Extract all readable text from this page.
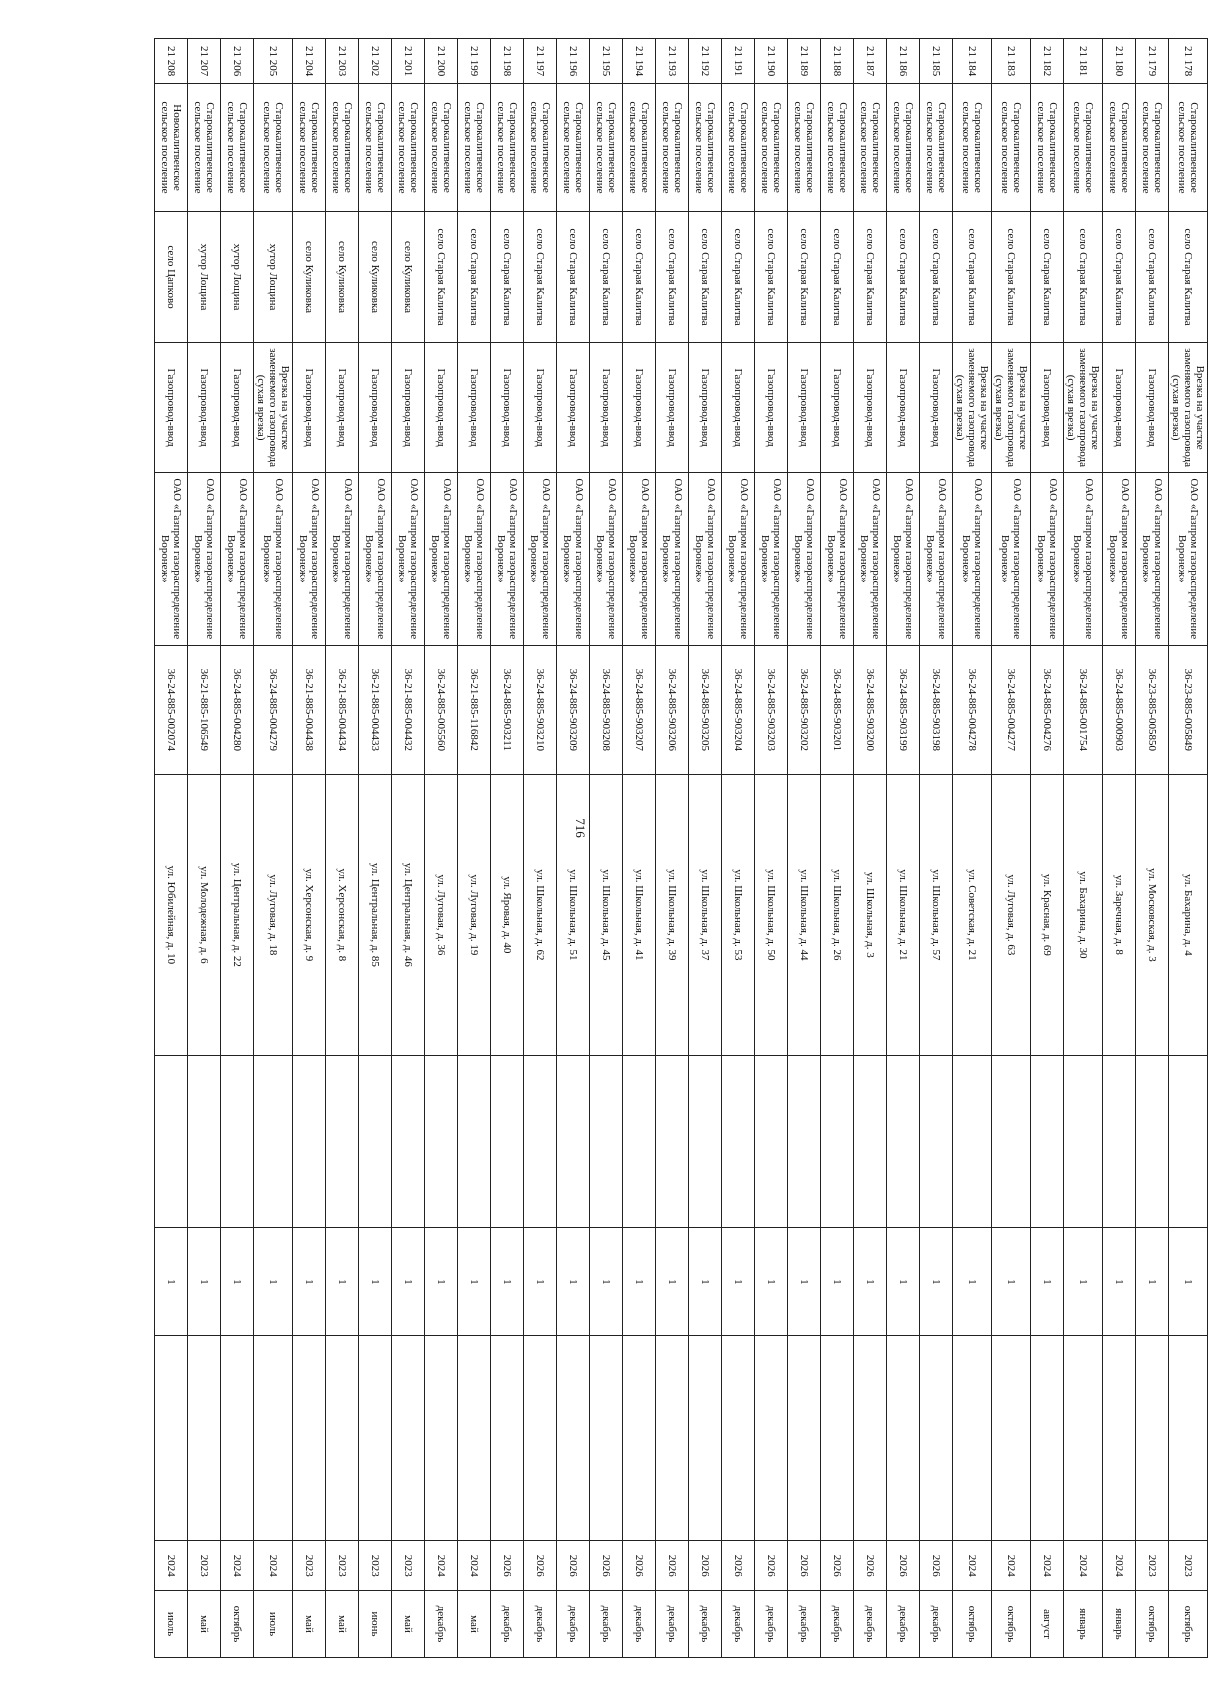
716
21 178	Старокалитвенское сельское поселение	село Старая Калитва	Врезка на участке заменяемого газопровода (сухая врезка)	ОАО «Газпром газораспределение Воронеж»	36-23-885-005849	ул. Бахарина, д. 4		1		2023	октябрь
21 179	Старокалитвенское сельское поселение	село Старая Калитва	Газопровод-ввод	ОАО «Газпром газораспределение Воронеж»	36-23-885-005850	ул. Московская, д. 3		1		2023	октябрь
21 180	Старокалитвенское сельское поселение	село Старая Калитва	Газопровод-ввод	ОАО «Газпром газораспределение Воронеж»	36-24-885-000903	ул. Заречная, д. 8		1		2024	январь
21 181	Старокалитвенское сельское поселение	село Старая Калитва	Врезка на участке заменяемого газопровода (сухая врезка)	ОАО «Газпром газораспределение Воронеж»	36-24-885-001754	ул. Бахарина, д. 30		1		2024	январь
21 182	Старокалитвенское сельское поселение	село Старая Калитва	Газопровод-ввод	ОАО «Газпром газораспределение Воронеж»	36-24-885-004276	ул. Красная, д. 69		1		2024	август
21 183	Старокалитвенское сельское поселение	село Старая Калитва	Врезка на участке заменяемого газопровода (сухая врезка)	ОАО «Газпром газораспределение Воронеж»	36-24-885-004277	ул. Луговая, д. 63		1		2024	октябрь
21 184	Старокалитвенское сельское поселение	село Старая Калитва	Врезка на участке заменяемого газопровода (сухая врезка)	ОАО «Газпром газораспределение Воронеж»	36-24-885-004278	ул. Советская, д. 21		1		2024	октябрь
21 185	Старокалитвенское сельское поселение	село Старая Калитва	Газопровод-ввод	ОАО «Газпром газораспределение Воронеж»	36-24-885-903198	ул. Школьная, д. 57		1		2026	декабрь
21 186	Старокалитвенское сельское поселение	село Старая Калитва	Газопровод-ввод	ОАО «Газпром газораспределение Воронеж»	36-24-885-903199	ул. Школьная, д. 21		1		2026	декабрь
21 187	Старокалитвенское сельское поселение	село Старая Калитва	Газопровод-ввод	ОАО «Газпром газораспределение Воронеж»	36-24-885-903200	ул. Школьная, д. 3		1		2026	декабрь
21 188	Старокалитвенское сельское поселение	село Старая Калитва	Газопровод-ввод	ОАО «Газпром газораспределение Воронеж»	36-24-885-903201	ул. Школьная, д. 26		1		2026	декабрь
21 189	Старокалитвенское сельское поселение	село Старая Калитва	Газопровод-ввод	ОАО «Газпром газораспределение Воронеж»	36-24-885-903202	ул. Школьная, д. 44		1		2026	декабрь
21 190	Старокалитвенское сельское поселение	село Старая Калитва	Газопровод-ввод	ОАО «Газпром газораспределение Воронеж»	36-24-885-903203	ул. Школьная, д. 50		1		2026	декабрь
21 191	Старокалитвенское сельское поселение	село Старая Калитва	Газопровод-ввод	ОАО «Газпром газораспределение Воронеж»	36-24-885-903204	ул. Школьная, д. 53		1		2026	декабрь
21 192	Старокалитвенское сельское поселение	село Старая Калитва	Газопровод-ввод	ОАО «Газпром газораспределение Воронеж»	36-24-885-903205	ул. Школьная, д. 37		1		2026	декабрь
21 193	Старокалитвенское сельское поселение	село Старая Калитва	Газопровод-ввод	ОАО «Газпром газораспределение Воронеж»	36-24-885-903206	ул. Школьная, д. 39		1		2026	декабрь
21 194	Старокалитвенское сельское поселение	село Старая Калитва	Газопровод-ввод	ОАО «Газпром газораспределение Воронеж»	36-24-885-903207	ул. Школьная, д. 41		1		2026	декабрь
21 195	Старокалитвенское сельское поселение	село Старая Калитва	Газопровод-ввод	ОАО «Газпром газораспределение Воронеж»	36-24-885-903208	ул. Школьная, д. 45		1		2026	декабрь
21 196	Старокалитвенское сельское поселение	село Старая Калитва	Газопровод-ввод	ОАО «Газпром газораспределение Воронеж»	36-24-885-903209	ул. Школьная, д. 51		1		2026	декабрь
21 197	Старокалитвенское сельское поселение	село Старая Калитва	Газопровод-ввод	ОАО «Газпром газораспределение Воронеж»	36-24-885-903210	ул. Школьная, д. 62		1		2026	декабрь
21 198	Старокалитвенское сельское поселение	село Старая Калитва	Газопровод-ввод	ОАО «Газпром газораспределение Воронеж»	36-24-885-903211	ул. Яровая, д. 40		1		2026	декабрь
21 199	Старокалитвенское сельское поселение	село Старая Калитва	Газопровод-ввод	ОАО «Газпром газораспределение Воронеж»	36-21-885-116842	ул. Луговая, д. 19		1		2024	май
21 200	Старокалитвенское сельское поселение	село Старая Калитва	Газопровод-ввод	ОАО «Газпром газораспределение Воронеж»	36-24-885-005560	ул. Луговая, д. 36		1		2024	декабрь
21 201	Старокалитвенское сельское поселение	село Куликовка	Газопровод-ввод	ОАО «Газпром газораспределение Воронеж»	36-21-885-004432	ул. Центральная, д. 46		1		2023	май
21 202	Старокалитвенское сельское поселение	село Куликовка	Газопровод-ввод	ОАО «Газпром газораспределение Воронеж»	36-21-885-004433	ул. Центральная, д. 85		1		2023	июнь
21 203	Старокалитвенское сельское поселение	село Куликовка	Газопровод-ввод	ОАО «Газпром газораспределение Воронеж»	36-21-885-004434	ул. Херсонская, д. 8		1		2023	май
21 204	Старокалитвенское сельское поселение	село Куликовка	Газопровод-ввод	ОАО «Газпром газораспределение Воронеж»	36-21-885-004438	ул. Херсонская, д. 9		1		2023	май
21 205	Старокалитвенское сельское поселение	хутор Лощина	Врезка на участке заменяемого газопровода (сухая врезка)	ОАО «Газпром газораспределение Воронеж»	36-24-885-004279	ул. Луговая, д. 18		1		2024	июль
21 206	Старокалитвенское сельское поселение	хутор Лощина	Газопровод-ввод	ОАО «Газпром газораспределение Воронеж»	36-24-885-004280	ул. Центральная, д. 22		1		2024	октябрь
21 207	Старокалитвенское сельское поселение	хутор Лощина	Газопровод-ввод	ОАО «Газпром газораспределение Воронеж»	36-21-885-106549	ул. Молодежная, д. 6		1		2023	май
21 208	Новокалитвенское сельское поселение	село Цапково	Газопровод-ввод	ОАО «Газпром газораспределение Воронеж»	36-24-885-002074	ул. Юбилейная, д. 10		1		2024	июль
